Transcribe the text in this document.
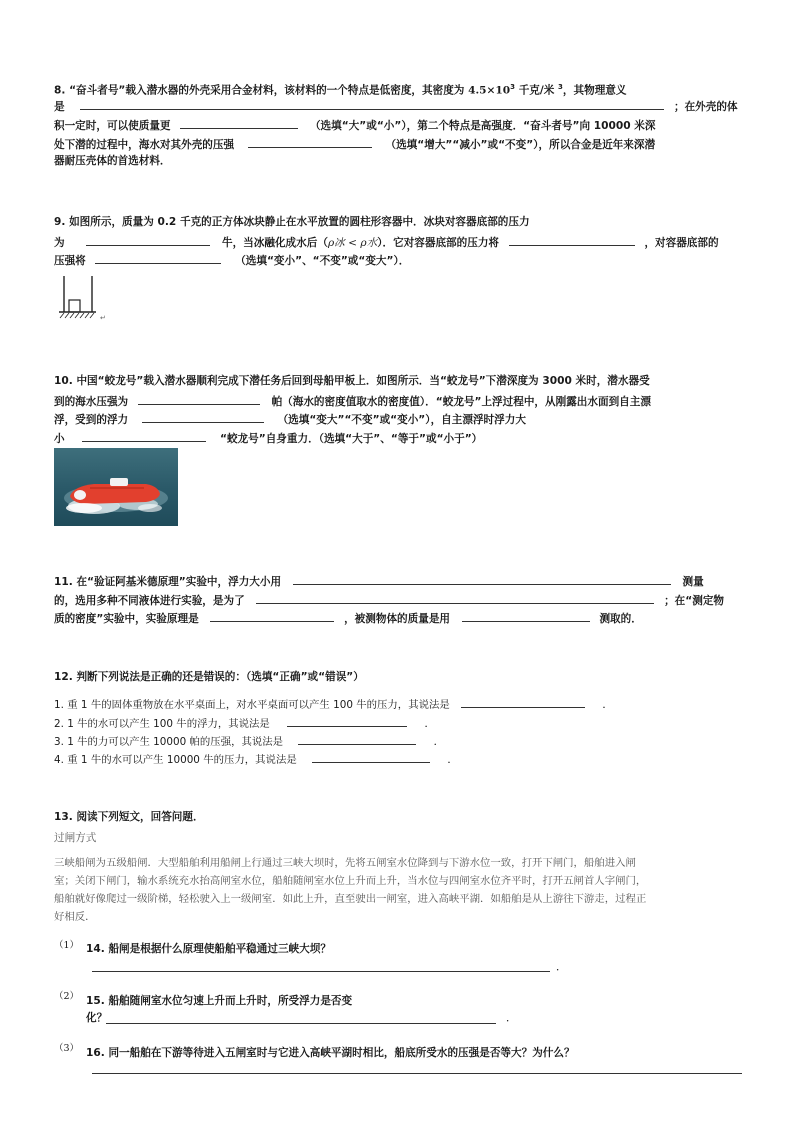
8. “奋斗者号”载入潜水器的外壳采用合金材料，该材料的一个特点是低密度，其密度为 $4.5\times 10^3$ 千克/米 $^3$，其物理意义
是	；在外壳的体
积一定时，可以使质量更	（选填“大”或“小”），第二个特点是高强度．“奋斗者号”向 10000 米深
处下潜的过程中，海水对其外壳的压强	（选填“增大”“减小”或“不变”），所以合金是近年来深潜
器耐压壳体的首选材料．
9. 如图所示，质量为 0.2 千克的正方体冰块静止在水平放置的圆柱形容器中．冰块对容器底部的压力
为	牛，当冰融化成水后（ρ冰 < ρ水）．它对容器底部的压力将	，对容器底部的
压强将	（选填“变小”、“不变”或“变大”）．
↵
10. 中国“蛟龙号”载入潜水器顺利完成下潜任务后回到母船甲板上．如图所示．当“蛟龙号”下潜深度为 3000 米时，潜水器受
到的海水压强为	帕（海水的密度值取水的密度值）．“蛟龙号”上浮过程中，从刚露出水面到自主漂
浮，受到的浮力	（选填“变大”“不变”或“变小”），自主漂浮时浮力大
小	“蛟龙号”自身重力．（选填“大于”、“等于”或“小于”）
11. 在“验证阿基米德原理”实验中，浮力大小用	测量
的，选用多种不同液体进行实验，是为了	；在“测定物
质的密度”实验中，实验原理是	，被测物体的质量是用	测取的．
12. 判断下列说法是正确的还是错误的：（选填“正确”或“错误”）
1. 重 1 牛的固体重物放在水平桌面上，对水平桌面可以产生 100 牛的压力，其说法是	．
2. 1 牛的水可以产生 100 牛的浮力，其说法是	．
3. 1 牛的力可以产生 10000 帕的压强，其说法是	．
4. 重 1 牛的水可以产生 10000 牛的压力，其说法是	．
13. 阅读下列短文，回答问题．
过闸方式
三峡船闸为五级船闸．大型船舶利用船闸上行通过三峡大坝时，先将五闸室水位降到与下游水位一致，打开下闸门，船舶进入闸
室；关闭下闸门，输水系统充水抬高闸室水位，船舶随闸室水位上升而上升，当水位与四闸室水位齐平时，打开五闸首人字闸门，
船舶就好像爬过一级阶梯，轻松驶入上一级闸室．如此上升，直至驶出一闸室，进入高峡平湖．如船舶是从上游往下游走，过程正
好相反．
（1） 14. 船闸是根据什么原理使船舶平稳通过三峡大坝？
．
（2） 15. 船舶随闸室水位匀速上升而上升时，所受浮力是否变
化？	．
（3） 16. 同一船舶在下游等待进入五闸室时与它进入高峡平湖时相比，船底所受水的压强是否等大？为什么？
